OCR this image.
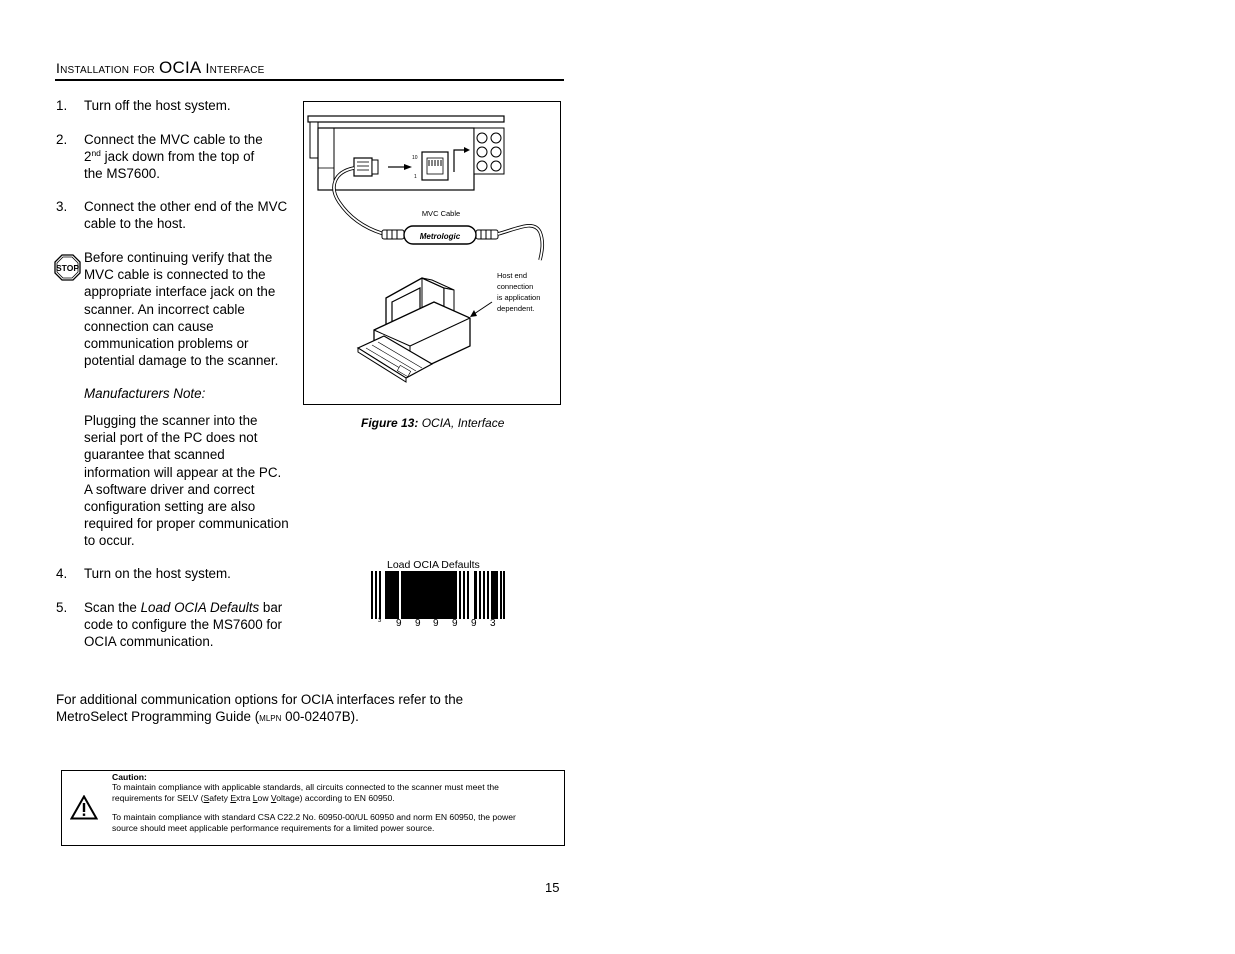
Installation for OCIA Interface
1.	Turn off the host system.
2.	Connect the MVC cable to the
2nd jack down from the top of
the MS7600.
3.	Connect the other end of the MVC
cable to the host.
STOP
Before continuing verify that the
MVC cable is connected to the
appropriate interface jack on the
scanner. An incorrect cable
connection can cause
communication problems or
potential damage to the scanner.
Manufacturers Note:
Plugging the scanner into the
serial port of the PC does not
guarantee that scanned
information will appear at the PC.
A software driver and correct
configuration setting are also
required for proper communication
to occur.
4.	Turn on the host system.
5.	Scan the Load OCIA Defaults bar
code to configure the MS7600 for
OCIA communication.
10
1
Metrologic
MVC Cable
Host end
connection
is application
dependent.
Figure 13: OCIA, Interface
Load OCIA Defaults
3 9 9 9 9 9 3
For additional communication options for OCIA interfaces refer to the
MetroSelect Programming Guide (mlpn 00-02407B).
Caution:
To maintain compliance with applicable standards, all circuits connected to the scanner must meet the
requirements for SELV (Safety Extra Low Voltage) according to EN 60950.
To maintain compliance with standard CSA C22.2 No. 60950-00/UL 60950 and norm EN 60950, the power
source should meet applicable performance requirements for a limited power source.
15
